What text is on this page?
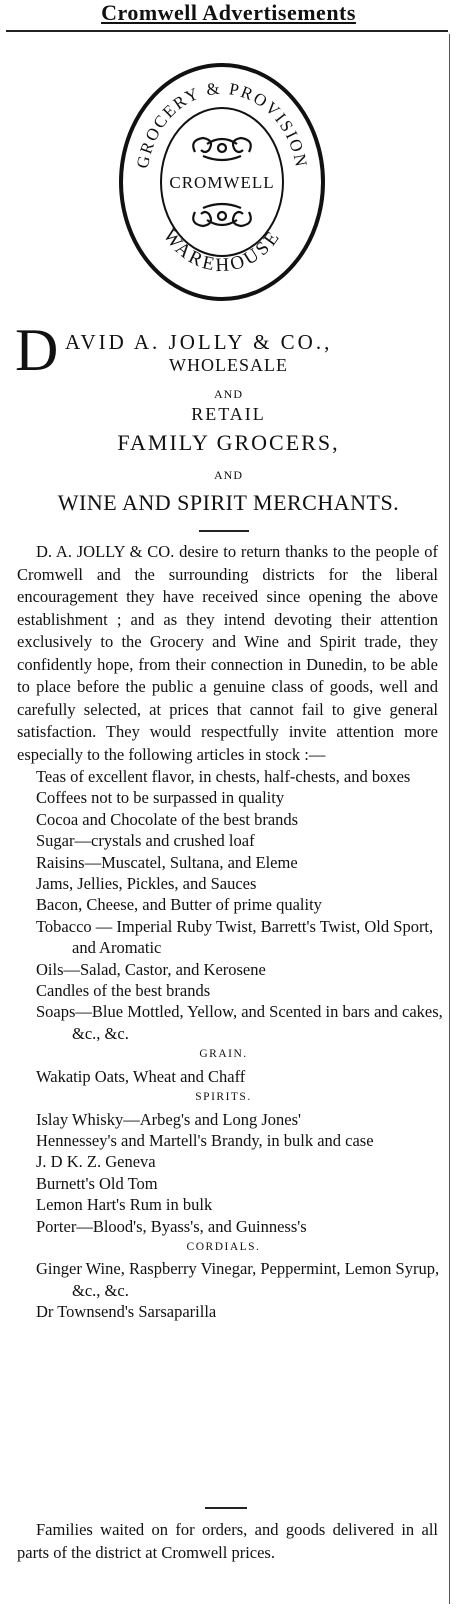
Cromwell Advertisements
GROCERY & PROVISION
WAREHOUSE
CROMWELL
D AVID A. JOLLY & CO.,
WHOLESALE
AND
RETAIL
FAMILY GROCERS,
AND
WINE AND SPIRIT MERCHANTS.

D. A. JOLLY & CO. desire to return thanks to the people of Cromwell and the surrounding districts for the liberal encouragement they have received since opening the above establishment ; and as they intend devoting their attention exclusively to the Grocery and Wine and Spirit trade, they confidently hope, from their connection in Dunedin, to be able to place before the public a genuine class of goods, well and carefully selected, at prices that cannot fail to give general satisfaction. They would respectfully invite attention more especially to the following articles in stock :—

Teas of excellent flavor, in chests, half-chests, and boxes
Coffees not to be surpassed in quality
Cocoa and Chocolate of the best brands
Sugar—crystals and crushed loaf
Raisins—Muscatel, Sultana, and Eleme
Jams, Jellies, Pickles, and Sauces
Bacon, Cheese, and Butter of prime quality
Tobacco — Imperial Ruby Twist, Barrett's Twist, Old Sport, and Aromatic
Oils—Salad, Castor, and Kerosene
Candles of the best brands
Soaps—Blue Mottled, Yellow, and Scented in bars and cakes, &c., &c.
GRAIN.
Wakatip Oats, Wheat and Chaff
SPIRITS.
Islay Whisky—Arbeg's and Long Jones'
Hennessey's and Martell's Brandy, in bulk and case
J. D K. Z. Geneva
Burnett's Old Tom
Lemon Hart's Rum in bulk
Porter—Blood's, Byass's, and Guinness's
CORDIALS.
Ginger Wine, Raspberry Vinegar, Peppermint, Lemon Syrup, &c., &c.
Dr Townsend's Sarsaparilla

Families waited on for orders, and goods delivered in all parts of the district at Cromwell prices.
